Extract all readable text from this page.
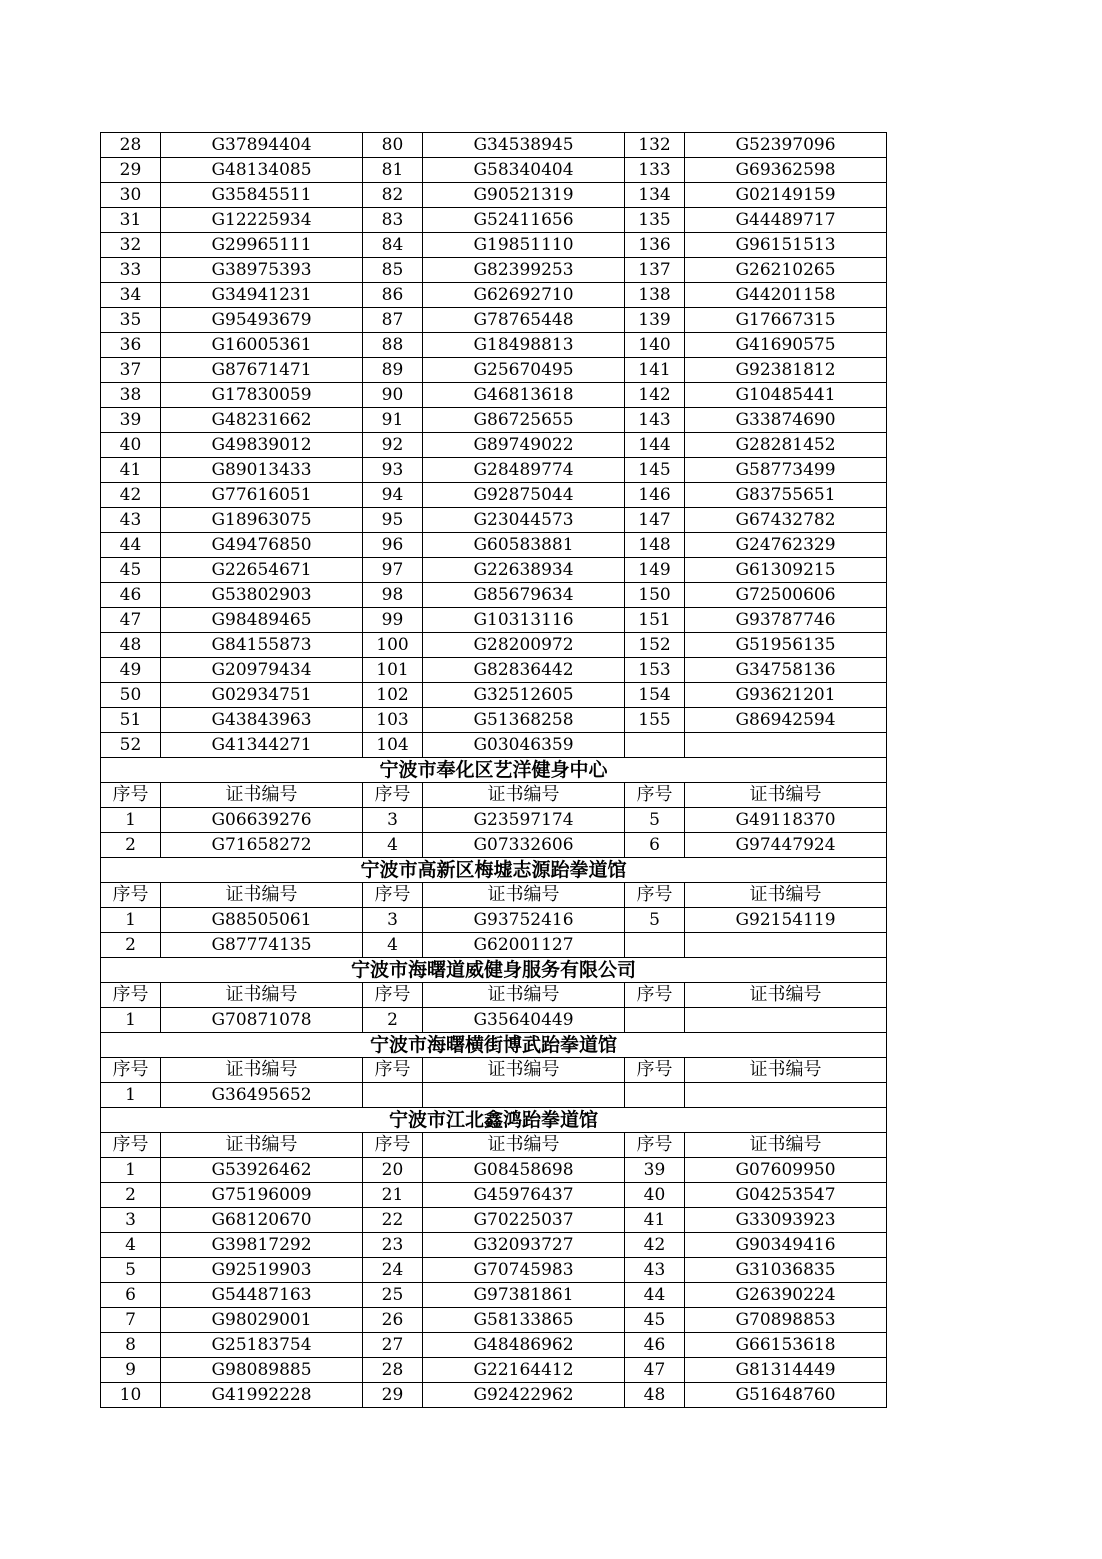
28	G37894404	80	G34538945	132	G52397096
29	G48134085	81	G58340404	133	G69362598
30	G35845511	82	G90521319	134	G02149159
31	G12225934	83	G52411656	135	G44489717
32	G29965111	84	G19851110	136	G96151513
33	G38975393	85	G82399253	137	G26210265
34	G34941231	86	G62692710	138	G44201158
35	G95493679	87	G78765448	139	G17667315
36	G16005361	88	G18498813	140	G41690575
37	G87671471	89	G25670495	141	G92381812
38	G17830059	90	G46813618	142	G10485441
39	G48231662	91	G86725655	143	G33874690
40	G49839012	92	G89749022	144	G28281452
41	G89013433	93	G28489774	145	G58773499
42	G77616051	94	G92875044	146	G83755651
43	G18963075	95	G23044573	147	G67432782
44	G49476850	96	G60583881	148	G24762329
45	G22654671	97	G22638934	149	G61309215
46	G53802903	98	G85679634	150	G72500606
47	G98489465	99	G10313116	151	G93787746
48	G84155873	100	G28200972	152	G51956135
49	G20979434	101	G82836442	153	G34758136
50	G02934751	102	G32512605	154	G93621201
51	G43843963	103	G51368258	155	G86942594
52	G41344271	104	G03046359		
宁波市奉化区艺洋健身中心					
序号	证书编号	序号	证书编号	序号	证书编号
1	G06639276	3	G23597174	5	G49118370
2	G71658272	4	G07332606	6	G97447924
宁波市高新区梅墟志源跆拳道馆					
序号	证书编号	序号	证书编号	序号	证书编号
1	G88505061	3	G93752416	5	G92154119
2	G87774135	4	G62001127		
宁波市海曙道威健身服务有限公司					
序号	证书编号	序号	证书编号	序号	证书编号
1	G70871078	2	G35640449		
宁波市海曙横街博武跆拳道馆					
序号	证书编号	序号	证书编号	序号	证书编号
1	G36495652				
宁波市江北鑫鸿跆拳道馆					
序号	证书编号	序号	证书编号	序号	证书编号
1	G53926462	20	G08458698	39	G07609950
2	G75196009	21	G45976437	40	G04253547
3	G68120670	22	G70225037	41	G33093923
4	G39817292	23	G32093727	42	G90349416
5	G92519903	24	G70745983	43	G31036835
6	G54487163	25	G97381861	44	G26390224
7	G98029001	26	G58133865	45	G70898853
8	G25183754	27	G48486962	46	G66153618
9	G98089885	28	G22164412	47	G81314449
10	G41992228	29	G92422962	48	G51648760
